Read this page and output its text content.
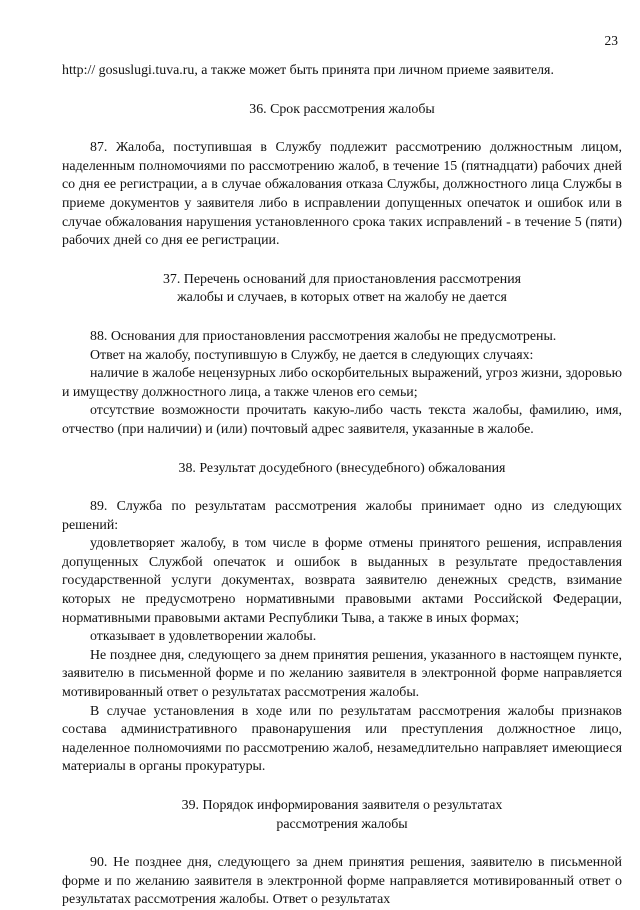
23

http:// gosuslugi.tuva.ru, а также может быть принята при личном приеме заявителя.

36. Срок рассмотрения жалобы

87. Жалоба, поступившая в Службу подлежит рассмотрению должностным лицом, наделенным полномочиями по рассмотрению жалоб, в течение 15 (пятнадцати) рабочих дней со дня ее регистрации, а в случае обжалования отказа Службы, должностного лица Службы в приеме документов у заявителя либо в исправлении допущенных опечаток и ошибок или в случае обжалования нарушения установленного срока таких исправлений - в течение 5 (пяти) рабочих дней со дня ее регистрации.

37. Перечень оснований для приостановления рассмотрения

жалобы и случаев, в которых ответ на жалобу не дается

88. Основания для приостановления рассмотрения жалобы не предусмотрены.

Ответ на жалобу, поступившую в Службу, не дается в следующих случаях:

наличие в жалобе нецензурных либо оскорбительных выражений, угроз жизни, здоровью и имуществу должностного лица, а также членов его семьи;

отсутствие возможности прочитать какую-либо часть текста жалобы, фамилию, имя, отчество (при наличии) и (или) почтовый адрес заявителя, указанные в жалобе.

38. Результат досудебного (внесудебного) обжалования

89. Служба по результатам рассмотрения жалобы принимает одно из следующих решений:

удовлетворяет жалобу, в том числе в форме отмены принятого решения, исправления допущенных Службой опечаток и ошибок в выданных в результате предоставления государственной услуги документах, возврата заявителю денежных средств, взимание которых не предусмотрено нормативными правовыми актами Российской Федерации, нормативными правовыми актами Республики Тыва, а также в иных формах;

отказывает в удовлетворении жалобы.

Не позднее дня, следующего за днем принятия решения, указанного в настоящем пункте, заявителю в письменной форме и по желанию заявителя в электронной форме направляется мотивированный ответ о результатах рассмотрения жалобы.

В случае установления в ходе или по результатам рассмотрения жалобы признаков состава административного правонарушения или преступления должностное лицо, наделенное полномочиями по рассмотрению жалоб, незамедлительно направляет имеющиеся материалы в органы прокуратуры.

39. Порядок информирования заявителя о результатах

рассмотрения жалобы

90. Не позднее дня, следующего за днем принятия решения, заявителю в письменной форме и по желанию заявителя в электронной форме направляется мотивированный ответ о результатах рассмотрения жалобы. Ответ о результатах
